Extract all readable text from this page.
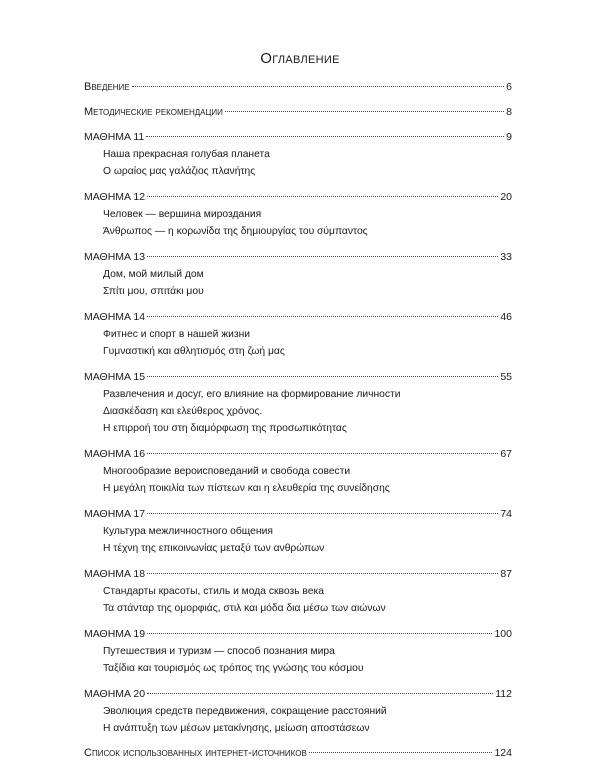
Оглавление
Введение	6
Методические рекомендации	8
ΜΑΘΗΜΑ 11	9
Наша прекрасная голубая планета
Ο ωραίος μας γαλάζιος πλανήτης
ΜΑΘΗΜΑ 12	20
Человек — вершина мироздания
Άνθρωπος — η κορωνίδα της δημιουργίας του σύμπαντος
ΜΑΘΗΜΑ 13	33
Дом, мой милый дом
Σπίτι μου, σπιτάκι μου
ΜΑΘΗΜΑ 14	46
Фитнес и спорт в нашей жизни
Γυμναστική και αθλητισμός στη ζωή μας
ΜΑΘΗΜΑ 15	55
Развлечения и досуг, его влияние на формирование личности
Διασκέδαση και ελεύθερος χρόνος.
Η επιρροή του στη διαμόρφωση της προσωπικότητας
ΜΑΘΗΜΑ 16	67
Многообразие вероисповеданий и свобода совести
Η μεγάλη ποικιλία των πίστεων και η ελευθερία της συνείδησης
ΜΑΘΗΜΑ 17	74
Культура межличностного общения
Η τέχνη της επικοινωνίας μεταξύ των ανθρώπων
ΜΑΘΗΜΑ 18	87
Стандарты красоты, стиль и мода сквозь века
Τα στάνταρ της ομορφιάς, στιλ και μόδα δια μέσω των αιώνων
ΜΑΘΗΜΑ 19	100
Путешествия и туризм — способ познания мира
Ταξίδια και τουρισμός ως τρόπος της γνώσης του κόσμου
ΜΑΘΗΜΑ 20	112
Эволюция средств передвижения, сокращение расстояний
Η ανάπτυξη των μέσων μετακίνησης, μείωση αποστάσεων
Список использованных интернет-источников	124
